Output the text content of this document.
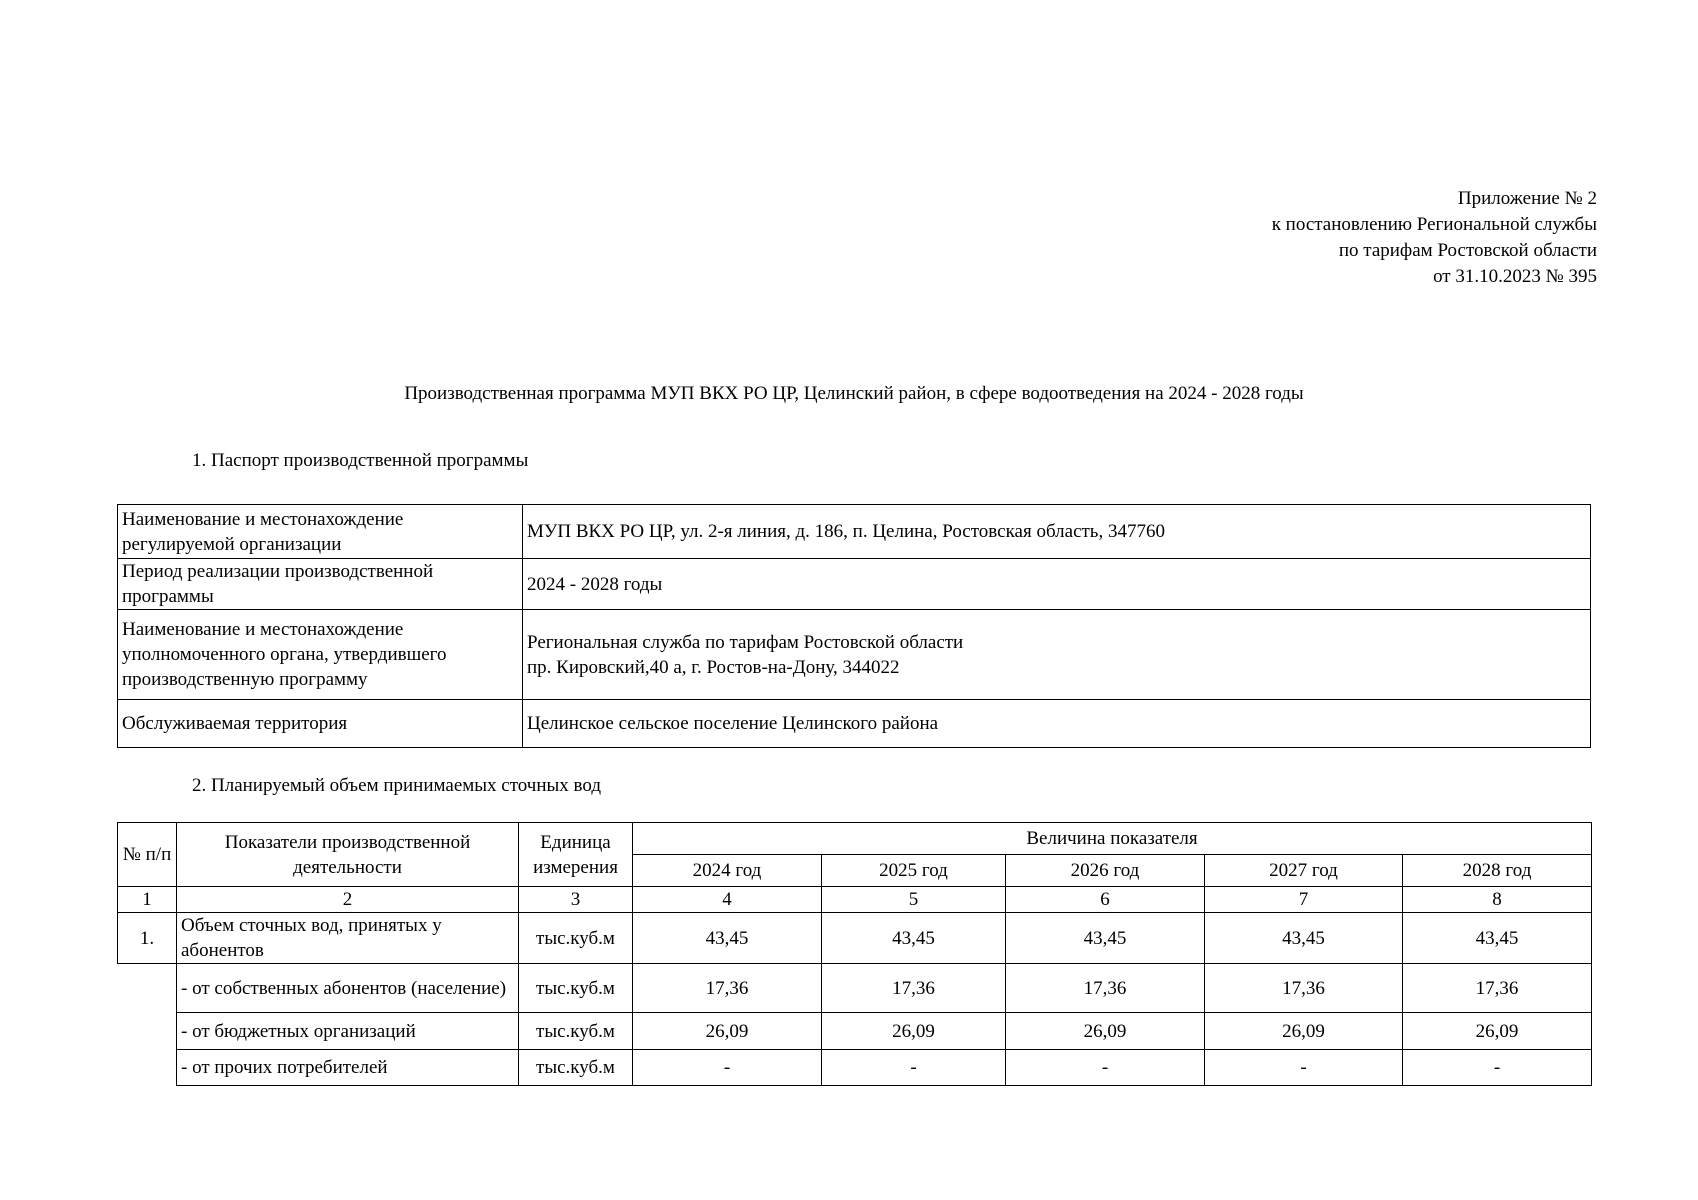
Приложение № 2
к постановлению Региональной службы
по тарифам Ростовской области
от 31.10.2023 № 395
Производственная программа МУП ВКХ РО ЦР, Целинский район, в сфере водоотведения на 2024 - 2028 годы
1. Паспорт производственной программы
Наименование и местонахождение регулируемой организации	МУП ВКХ РО ЦР, ул. 2-я линия, д. 186, п. Целина, Ростовская область, 347760
Период реализации производственной программы	2024 - 2028 годы
Наименование и местонахождение уполномоченного органа, утвердившего производственную программу	Региональная служба по тарифам Ростовской области
пр. Кировский,40 а, г. Ростов-на-Дону, 344022

Обслуживаемая территория	Целинское сельское поселение Целинского района
2. Планируемый объем принимаемых сточных вод
№ п/п	Показатели производственной деятельности	Единица измерения	Величина показателя				
			2024 год	2025 год	2026 год	2027 год	2028 год
1	2	3	4	5	6	7	8
1.	Объем сточных вод, принятых у абонентов	тыс.куб.м	43,45	43,45	43,45	43,45	43,45
	- от собственных абонентов (население)	тыс.куб.м	17,36	17,36	17,36	17,36	17,36
	- от бюджетных организаций	тыс.куб.м	26,09	26,09	26,09	26,09	26,09
	- от прочих потребителей	тыс.куб.м	-	-	-	-	-
